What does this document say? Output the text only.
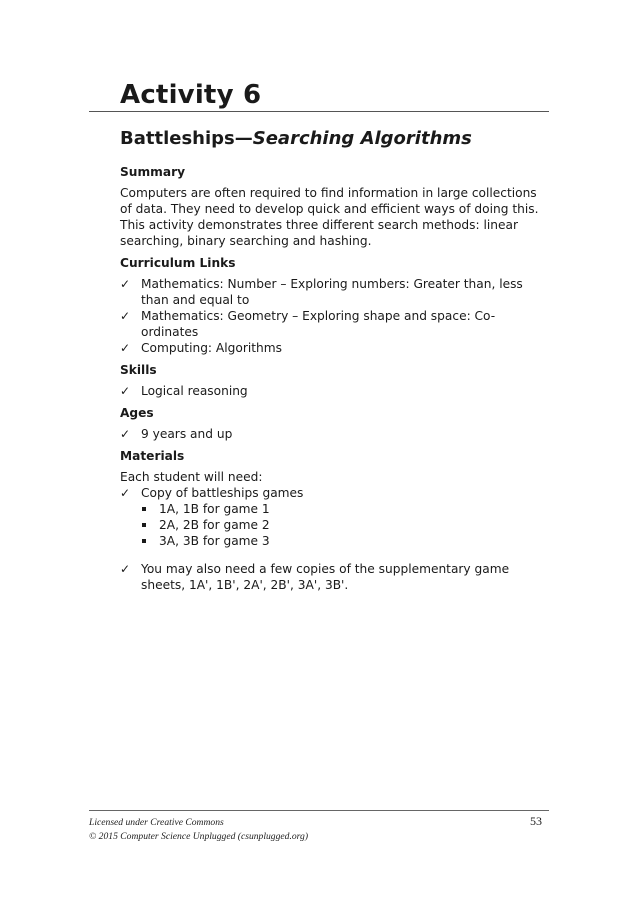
Activity 6
Battleships—Searching Algorithms
Summary
Computers are often required to find information in large collections of data. They need to develop quick and efficient ways of doing this. This activity demonstrates three different search methods: linear searching, binary searching and hashing.
Curriculum Links
✓ Mathematics: Number – Exploring numbers: Greater than, less than and equal to
✓ Mathematics: Geometry – Exploring shape and space: Co-ordinates
✓ Computing: Algorithms
Skills
✓ Logical reasoning
Ages
✓ 9 years and up
Materials
Each student will need:
✓ Copy of battleships games
1A, 1B for game 1
2A, 2B for game 2
3A, 3B for game 3
✓ You may also need a few copies of the supplementary game sheets, 1A', 1B', 2A', 2B', 3A', 3B'.
Licensed under Creative Commons
© 2015 Computer Science Unplugged (csunplugged.org)
53
